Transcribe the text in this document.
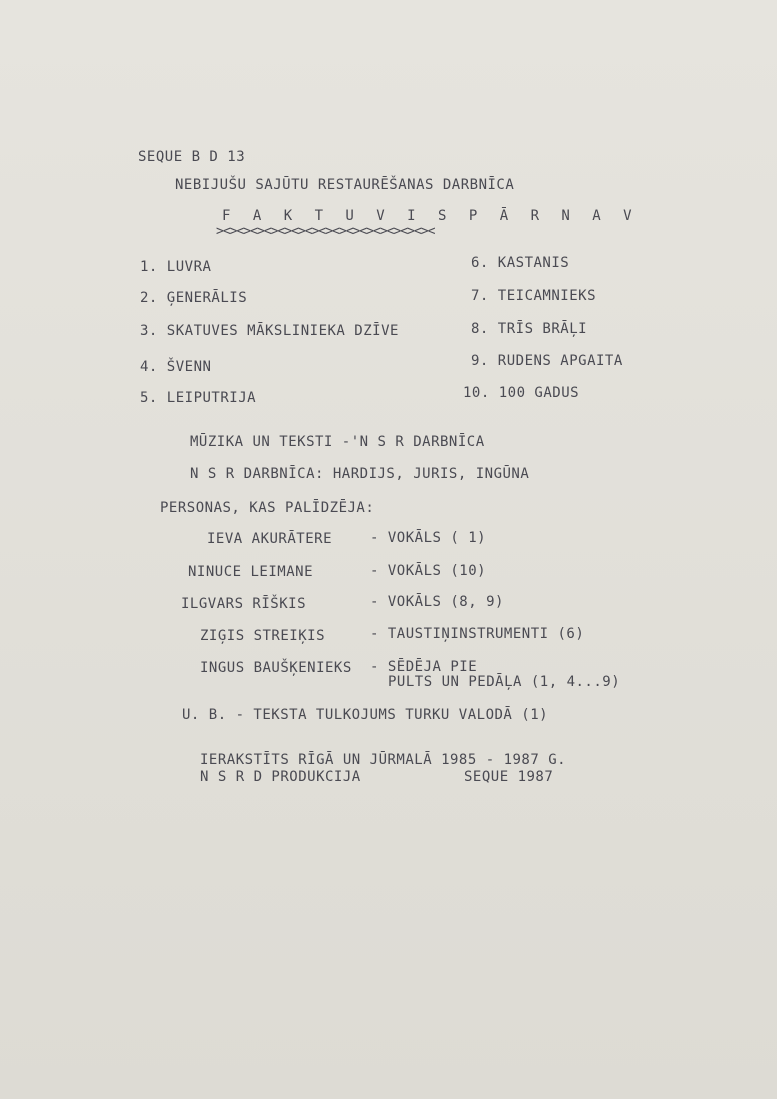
SEQUE B D 13
NEBIJUŠU SAJŪTU RESTAURĒŠANAS DARBNĪCA
F A K T U V I S P Ā R N A V
><><><><><><><><><><><><><><><><
1. LUVRA
2. ĢENERĀLIS
3. SKATUVES MĀKSLINIEKA DZĪVE
4. ŠVENN
5. LEIPUTRIJA
6. KASTANIS
7. TEICAMNIEKS
8. TRĪS BRĀĻI
9. RUDENS APGAITA
10. 100 GADUS
MŪZIKA UN TEKSTI -'N S R DARBNĪCA
N S R DARBNĪCA: HARDIJS, JURIS, INGŪNA
PERSONAS, KAS PALĪDZĒJA:
IEVA AKURĀTERE	- VOKĀLS ( 1)
NINUCE LEIMANE	- VOKĀLS (10)
ILGVARS RĪŠKIS	- VOKĀLS (8, 9)
ZIĢIS STREIĶIS	- TAUSTIŅINSTRUMENTI (6)
INGUS BAUŠĶENIEKS - SĒDĒJA PIE
PULTS UN PEDĀĻA (1, 4...9)
U. B. - TEKSTA TULKOJUMS TURKU VALODĀ (1)
IERAKSTĪTS RĪGĀ UN JŪRMALĀ 1985 - 1987 G.
N S R D PRODUKCIJA	SEQUE 1987
